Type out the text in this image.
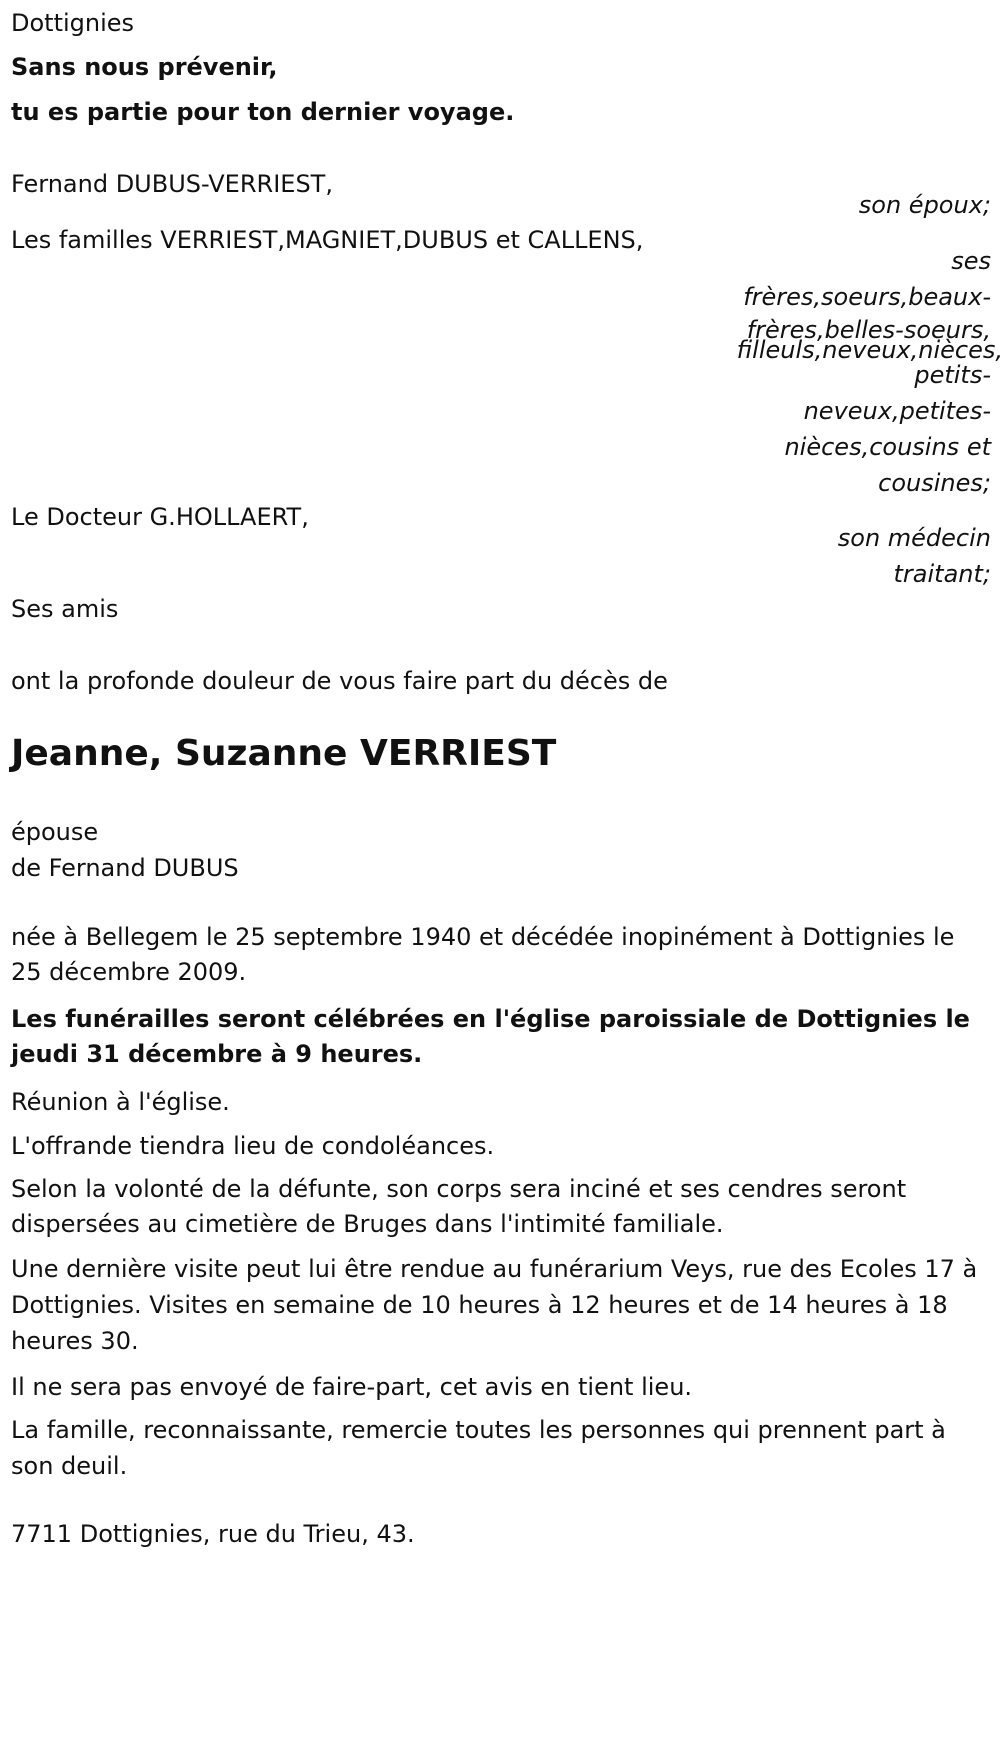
Dottignies
Sans nous prévenir,
tu es partie pour ton dernier voyage.
Fernand DUBUS-VERRIEST,
son époux;
Les familles VERRIEST,MAGNIET,DUBUS et CALLENS,
ses
frères,soeurs,beaux-
frères,belles-soeurs,
filleuls,neveux,nièces,
petits-
neveux,petites-
nièces,cousins et
cousines;
Le Docteur G.HOLLAERT,
son médecin
traitant;
Ses amis
ont la profonde douleur de vous faire part du décès de
Jeanne, Suzanne VERRIEST
épouse
de Fernand DUBUS
née à Bellegem le 25 septembre 1940 et décédée inopinément à Dottignies le 25 décembre 2009.
Les funérailles seront célébrées en l'église paroissiale de Dottignies le jeudi 31 décembre à 9 heures.
Réunion à l'église.
L'offrande tiendra lieu de condoléances.
Selon la volonté de la défunte, son corps sera inciné et ses cendres seront dispersées au cimetière de Bruges dans l'intimité familiale.
Une dernière visite peut lui être rendue au funérarium Veys, rue des Ecoles 17 à Dottignies. Visites en semaine de 10 heures à 12 heures et de 14 heures à 18 heures 30.
Il ne sera pas envoyé de faire-part, cet avis en tient lieu.
La famille, reconnaissante, remercie toutes les personnes qui prennent part à son deuil.
7711 Dottignies, rue du Trieu, 43.
